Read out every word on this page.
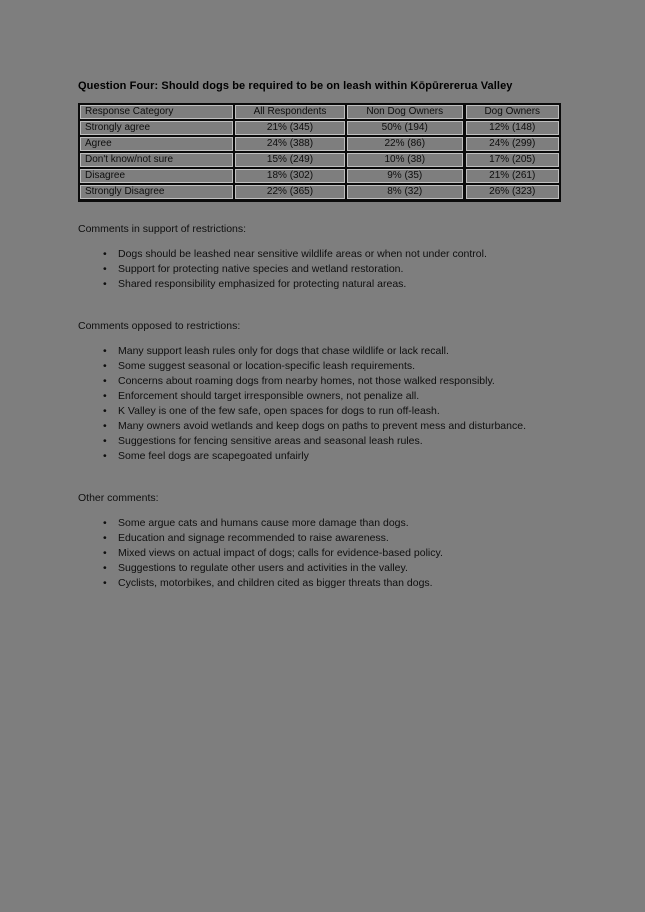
Question Four: Should dogs be required to be on leash within Kōpūrererua Valley
Response Category	All Respondents	Non Dog Owners	Dog Owners
Strongly agree	21% (345)	50% (194)	12% (148)
Agree	24% (388)	22% (86)	24% (299)
Don't know/not sure	15% (249)	10% (38)	17% (205)
Disagree	18% (302)	9% (35)	21% (261)
Strongly Disagree	22% (365)	8% (32)	26% (323)
Comments in support of restrictions:
•	Dogs should be leashed near sensitive wildlife areas or when not under control.
•	Support for protecting native species and wetland restoration.
•	Shared responsibility emphasized for protecting natural areas.
Comments opposed to restrictions:
•	Many support leash rules only for dogs that chase wildlife or lack recall.
•	Some suggest seasonal or location-specific leash requirements.
•	Concerns about roaming dogs from nearby homes, not those walked responsibly.
•	Enforcement should target irresponsible owners, not penalize all.
•	K Valley is one of the few safe, open spaces for dogs to run off-leash.
•	Many owners avoid wetlands and keep dogs on paths to prevent mess and disturbance.
•	Suggestions for fencing sensitive areas and seasonal leash rules.
•	Some feel dogs are scapegoated unfairly
Other comments:
•	Some argue cats and humans cause more damage than dogs.
•	Education and signage recommended to raise awareness.
•	Mixed views on actual impact of dogs; calls for evidence-based policy.
•	Suggestions to regulate other users and activities in the valley.
•	Cyclists, motorbikes, and children cited as bigger threats than dogs.
